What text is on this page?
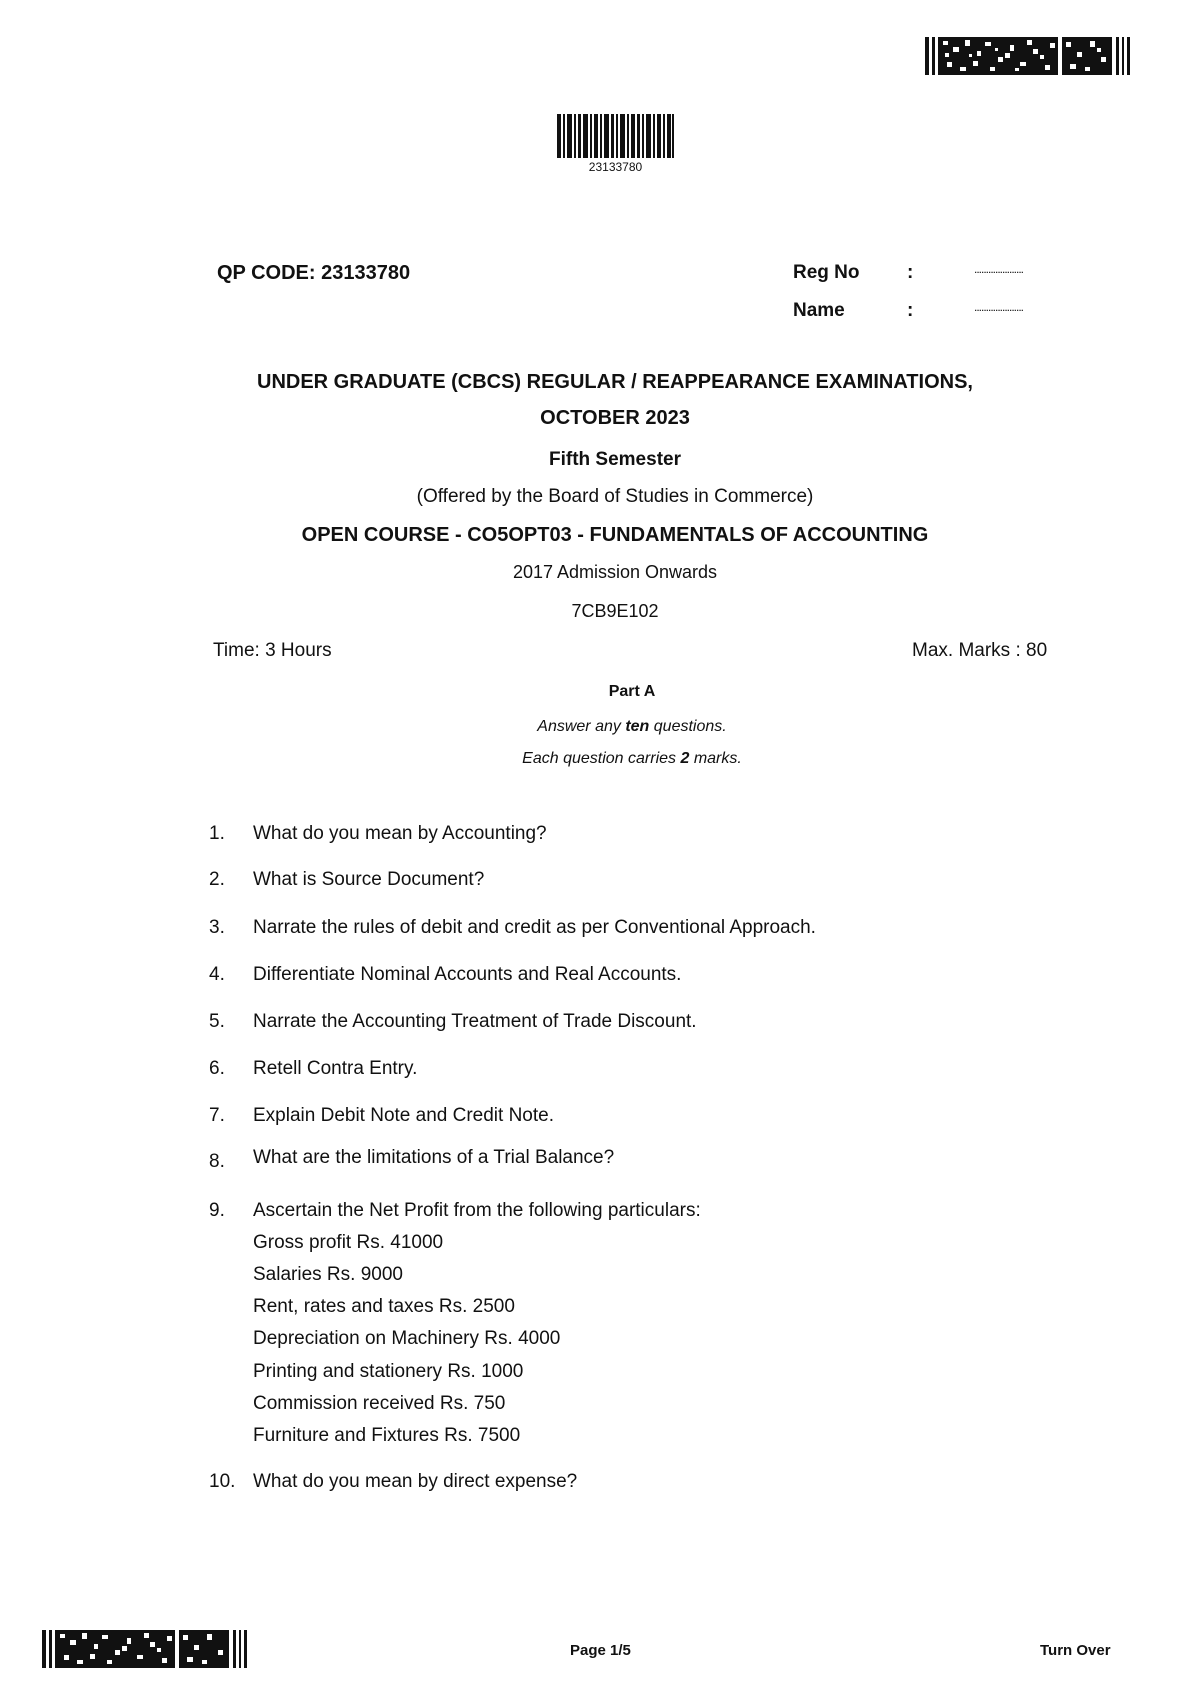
23133780
QP CODE: 23133780	Reg No	:	.....................
Name	:	.....................
UNDER GRADUATE (CBCS) REGULAR / REAPPEARANCE EXAMINATIONS,
OCTOBER 2023
Fifth Semester
(Offered by the Board of Studies in Commerce)
OPEN COURSE - CO5OPT03 - FUNDAMENTALS OF ACCOUNTING
2017 Admission Onwards
7CB9E102
Time: 3 Hours	Max. Marks : 80
Part A
Answer any ten questions.
Each question carries 2 marks.
1. What do you mean by Accounting?
2. What is Source Document?
3. Narrate the rules of debit and credit as per Conventional Approach.
4. Differentiate Nominal Accounts and Real Accounts.
5. Narrate the Accounting Treatment of Trade Discount.
6. Retell Contra Entry.
7. Explain Debit Note and Credit Note.
8. What are the limitations of a Trial Balance?
9. Ascertain the Net Profit from the following particulars:
Gross profit Rs. 41000
Salaries Rs. 9000
Rent, rates and taxes Rs. 2500
Depreciation on Machinery Rs. 4000
Printing and stationery Rs. 1000
Commission received Rs. 750
Furniture and Fixtures Rs. 7500
10. What do you mean by direct expense?
Page 1/5	Turn Over
